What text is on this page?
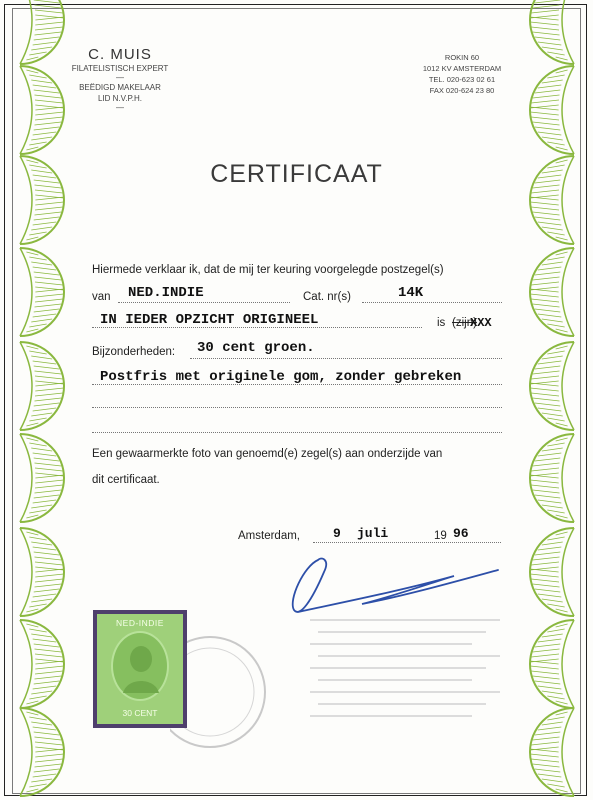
C. MUIS
FILATELISTISCH EXPERT
—
BEËDIGD MAKELAAR
LID N.V.P.H.
—
ROKIN 60
1012 KV AMSTERDAM
TEL. 020-623 02 61
FAX 020-624 23 80
CERTIFICAAT
Hiermede verklaar ik, dat de mij ter keuring voorgelegde postzegel(s)
van NED.INDIE	Cat. nr(s)	14K
IN IEDER OPZICHT ORIGINEEL	is (zijn)
XXX
Bijzonderheden: 30 cent groen.
Postfris met originele gom, zonder gebreken
Een gewaarmerkte foto van genoemd(e) zegel(s) aan onderzijde van
dit certificaat.
Amsterdam,	9 juli	19 96
NED-INDIE
30 CENT
